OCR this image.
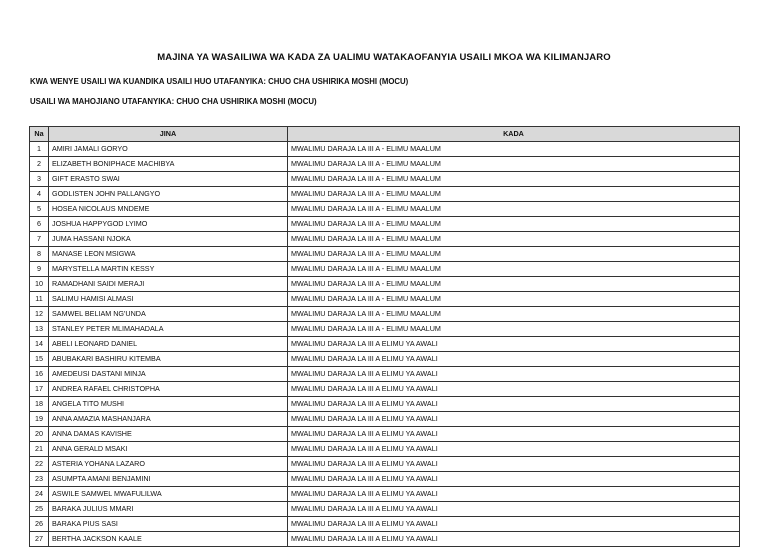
MAJINA YA WASAILIWA WA KADA ZA UALIMU WATAKAOFANYIA USAILI MKOA WA KILIMANJARO
KWA WENYE USAILI WA KUANDIKA USAILI HUO UTAFANYIKA: CHUO CHA USHIRIKA MOSHI (MOCU)
USAILI WA MAHOJIANO UTAFANYIKA: CHUO CHA USHIRIKA MOSHI (MOCU)
Na	JINA	KADA
1	AMIRI JAMALI GORYO	MWALIMU DARAJA LA III A - ELIMU MAALUM
2	ELIZABETH BONIPHACE MACHIBYA	MWALIMU DARAJA LA III A - ELIMU MAALUM
3	GIFT ERASTO SWAI	MWALIMU DARAJA LA III A - ELIMU MAALUM
4	GODLISTEN JOHN PALLANGYO	MWALIMU DARAJA LA III A - ELIMU MAALUM
5	HOSEA NICOLAUS MNDEME	MWALIMU DARAJA LA III A - ELIMU MAALUM
6	JOSHUA HAPPYGOD LYIMO	MWALIMU DARAJA LA III A - ELIMU MAALUM
7	JUMA HASSANI NJOKA	MWALIMU DARAJA LA III A - ELIMU MAALUM
8	MANASE LEON MSIGWA	MWALIMU DARAJA LA III A - ELIMU MAALUM
9	MARYSTELLA MARTIN KESSY	MWALIMU DARAJA LA III A - ELIMU MAALUM
10	RAMADHANI SAIDI MERAJI	MWALIMU DARAJA LA III A - ELIMU MAALUM
11	SALIMU HAMISI ALMASI	MWALIMU DARAJA LA III A - ELIMU MAALUM
12	SAMWEL BELIAM NG'UNDA	MWALIMU DARAJA LA III A - ELIMU MAALUM
13	STANLEY PETER MLIMAHADALA	MWALIMU DARAJA LA III A - ELIMU MAALUM
14	ABELI LEONARD DANIEL	MWALIMU DARAJA LA III A ELIMU YA AWALI
15	ABUBAKARI BASHIRU KITEMBA	MWALIMU DARAJA LA III A ELIMU YA AWALI
16	AMEDEUSI DASTANI MINJA	MWALIMU DARAJA LA III A ELIMU YA AWALI
17	ANDREA RAFAEL CHRISTOPHA	MWALIMU DARAJA LA III A ELIMU YA AWALI
18	ANGELA TITO MUSHI	MWALIMU DARAJA LA III A ELIMU YA AWALI
19	ANNA AMAZIA MASHANJARA	MWALIMU DARAJA LA III A ELIMU YA AWALI
20	ANNA DAMAS KAVISHE	MWALIMU DARAJA LA III A ELIMU YA AWALI
21	ANNA GERALD MSAKI	MWALIMU DARAJA LA III A ELIMU YA AWALI
22	ASTERIA YOHANA LAZARO	MWALIMU DARAJA LA III A ELIMU YA AWALI
23	ASUMPTA AMANI BENJAMINI	MWALIMU DARAJA LA III A ELIMU YA AWALI
24	ASWILE SAMWEL MWAFULILWA	MWALIMU DARAJA LA III A ELIMU YA AWALI
25	BARAKA JULIUS MMARI	MWALIMU DARAJA LA III A ELIMU YA AWALI
26	BARAKA PIUS SASI	MWALIMU DARAJA LA III A ELIMU YA AWALI
27	BERTHA JACKSON KAALE	MWALIMU DARAJA LA III A ELIMU YA AWALI
